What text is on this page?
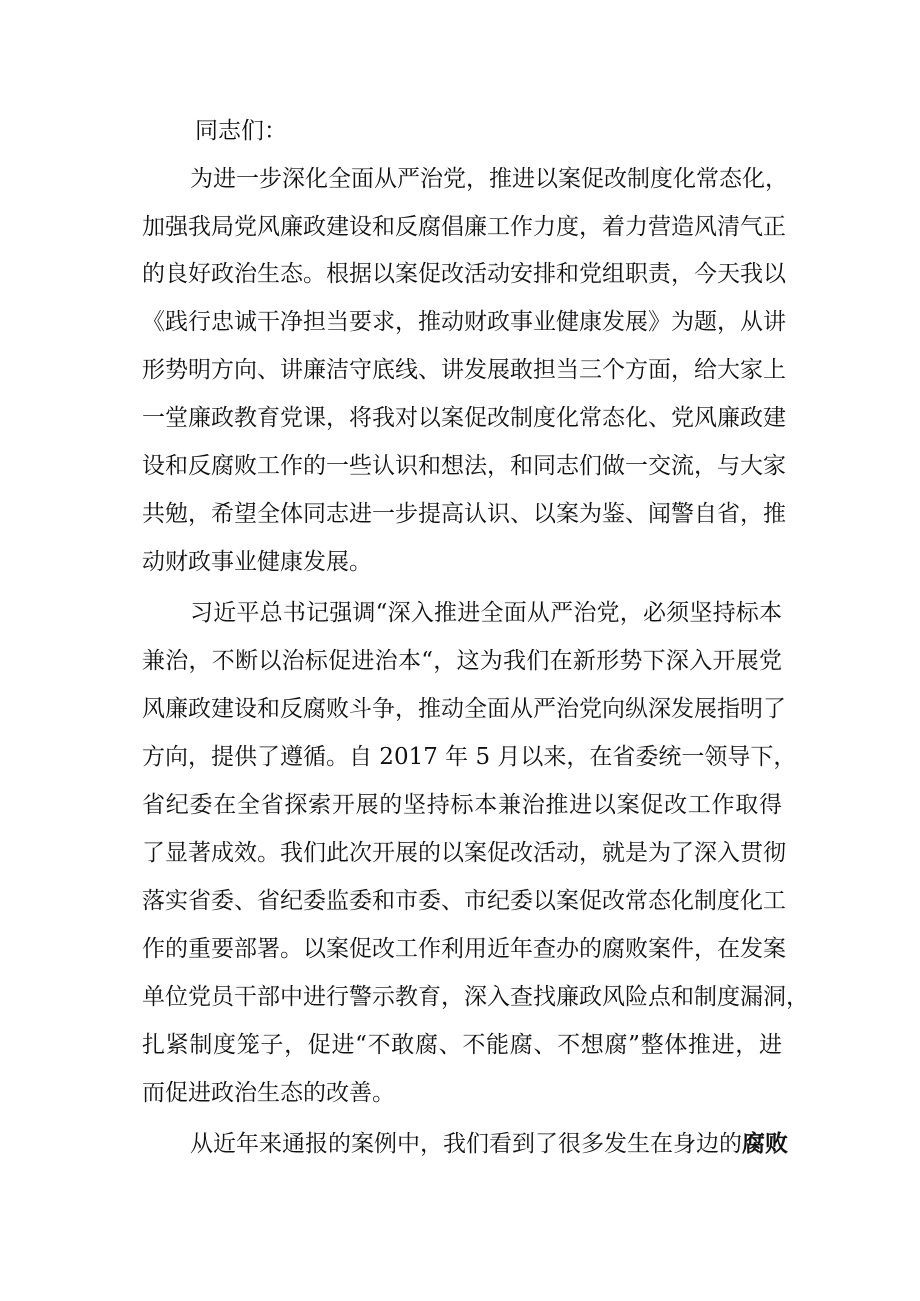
同志们：
为进一步深化全面从严治党，推进以案促改制度化常态化，
加强我局党风廉政建设和反腐倡廉工作力度，着力营造风清气正
的良好政治生态。根据以案促改活动安排和党组职责，今天我以
《践行忠诚干净担当要求，推动财政事业健康发展》为题，从讲
形势明方向、讲廉洁守底线、讲发展敢担当三个方面，给大家上
一堂廉政教育党课，将我对以案促改制度化常态化、党风廉政建
设和反腐败工作的一些认识和想法，和同志们做一交流，与大家
共勉，希望全体同志进一步提高认识、以案为鉴、闻警自省，推
动财政事业健康发展。
习近平总书记强调“深入推进全面从严治党，必须坚持标本
兼治，不断以治标促进治本“，这为我们在新形势下深入开展党
风廉政建设和反腐败斗争，推动全面从严治党向纵深发展指明了
方向，提供了遵循。自 2017 年 5 月以来，在省委统一领导下，
省纪委在全省探索开展的坚持标本兼治推进以案促改工作取得
了显著成效。我们此次开展的以案促改活动，就是为了深入贯彻
落实省委、省纪委监委和市委、市纪委以案促改常态化制度化工
作的重要部署。以案促改工作利用近年查办的腐败案件，在发案
单位党员干部中进行警示教育，深入查找廉政风险点和制度漏洞，
扎紧制度笼子，促进“不敢腐、不能腐、不想腐”整体推进，进
而促进政治生态的改善。
从近年来通报的案例中，我们看到了很多发生在身边的腐败
